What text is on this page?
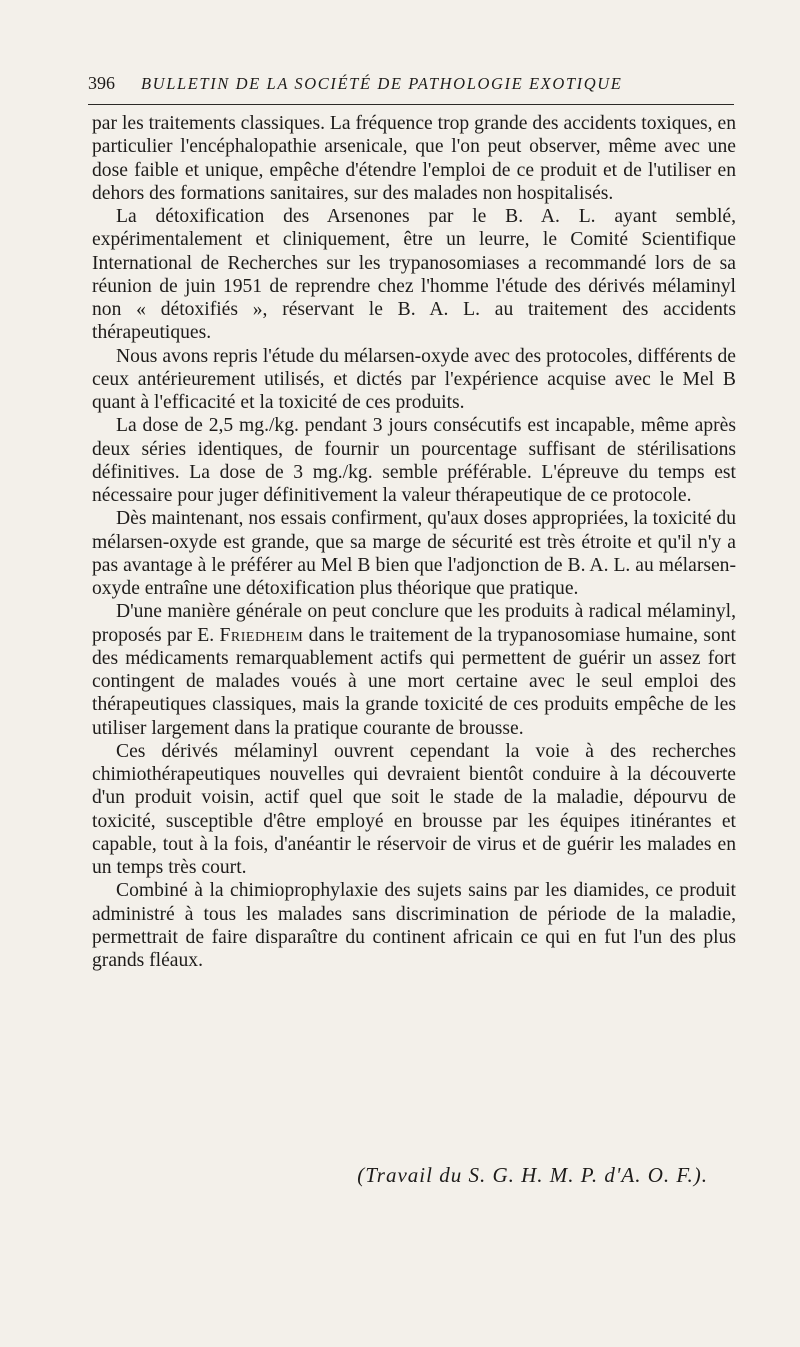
396 BULLETIN DE LA SOCIÉTÉ DE PATHOLOGIE EXOTIQUE

par les traitements classiques. La fréquence trop grande des accidents toxiques, en particulier l'encéphalopathie arsenicale, que l'on peut observer, même avec une dose faible et unique, empêche d'étendre l'emploi de ce produit et de l'utiliser en dehors des formations sanitaires, sur des malades non hospitalisés.

La détoxification des Arsenones par le B. A. L. ayant semblé, expérimentalement et cliniquement, être un leurre, le Comité Scientifique International de Recherches sur les trypanosomiases a recommandé lors de sa réunion de juin 1951 de reprendre chez l'homme l'étude des dérivés mélaminyl non « détoxifiés », réservant le B. A. L. au traitement des accidents thérapeutiques.

Nous avons repris l'étude du mélarsen-oxyde avec des protocoles, différents de ceux antérieurement utilisés, et dictés par l'expérience acquise avec le Mel B quant à l'efficacité et la toxicité de ces produits.

La dose de 2,5 mg./kg. pendant 3 jours consécutifs est incapable, même après deux séries identiques, de fournir un pourcentage suffisant de stérilisations définitives. La dose de 3 mg./kg. semble préférable. L'épreuve du temps est nécessaire pour juger définitivement la valeur thérapeutique de ce protocole.

Dès maintenant, nos essais confirment, qu'aux doses appropriées, la toxicité du mélarsen-oxyde est grande, que sa marge de sécurité est très étroite et qu'il n'y a pas avantage à le préférer au Mel B bien que l'adjonction de B. A. L. au mélarsen-oxyde entraîne une détoxification plus théorique que pratique.

D'une manière générale on peut conclure que les produits à radical mélaminyl, proposés par E. Friedheim dans le traitement de la trypanosomiase humaine, sont des médicaments remarquablement actifs qui permettent de guérir un assez fort contingent de malades voués à une mort certaine avec le seul emploi des thérapeutiques classiques, mais la grande toxicité de ces produits empêche de les utiliser largement dans la pratique courante de brousse.

Ces dérivés mélaminyl ouvrent cependant la voie à des recherches chimiothérapeutiques nouvelles qui devraient bientôt conduire à la découverte d'un produit voisin, actif quel que soit le stade de la maladie, dépourvu de toxicité, susceptible d'être employé en brousse par les équipes itinérantes et capable, tout à la fois, d'anéantir le réservoir de virus et de guérir les malades en un temps très court.

Combiné à la chimioprophylaxie des sujets sains par les diamides, ce produit administré à tous les malades sans discrimination de période de la maladie, permettrait de faire disparaître du continent africain ce qui en fut l'un des plus grands fléaux.

(Travail du S. G. H. M. P. d'A. O. F.).
